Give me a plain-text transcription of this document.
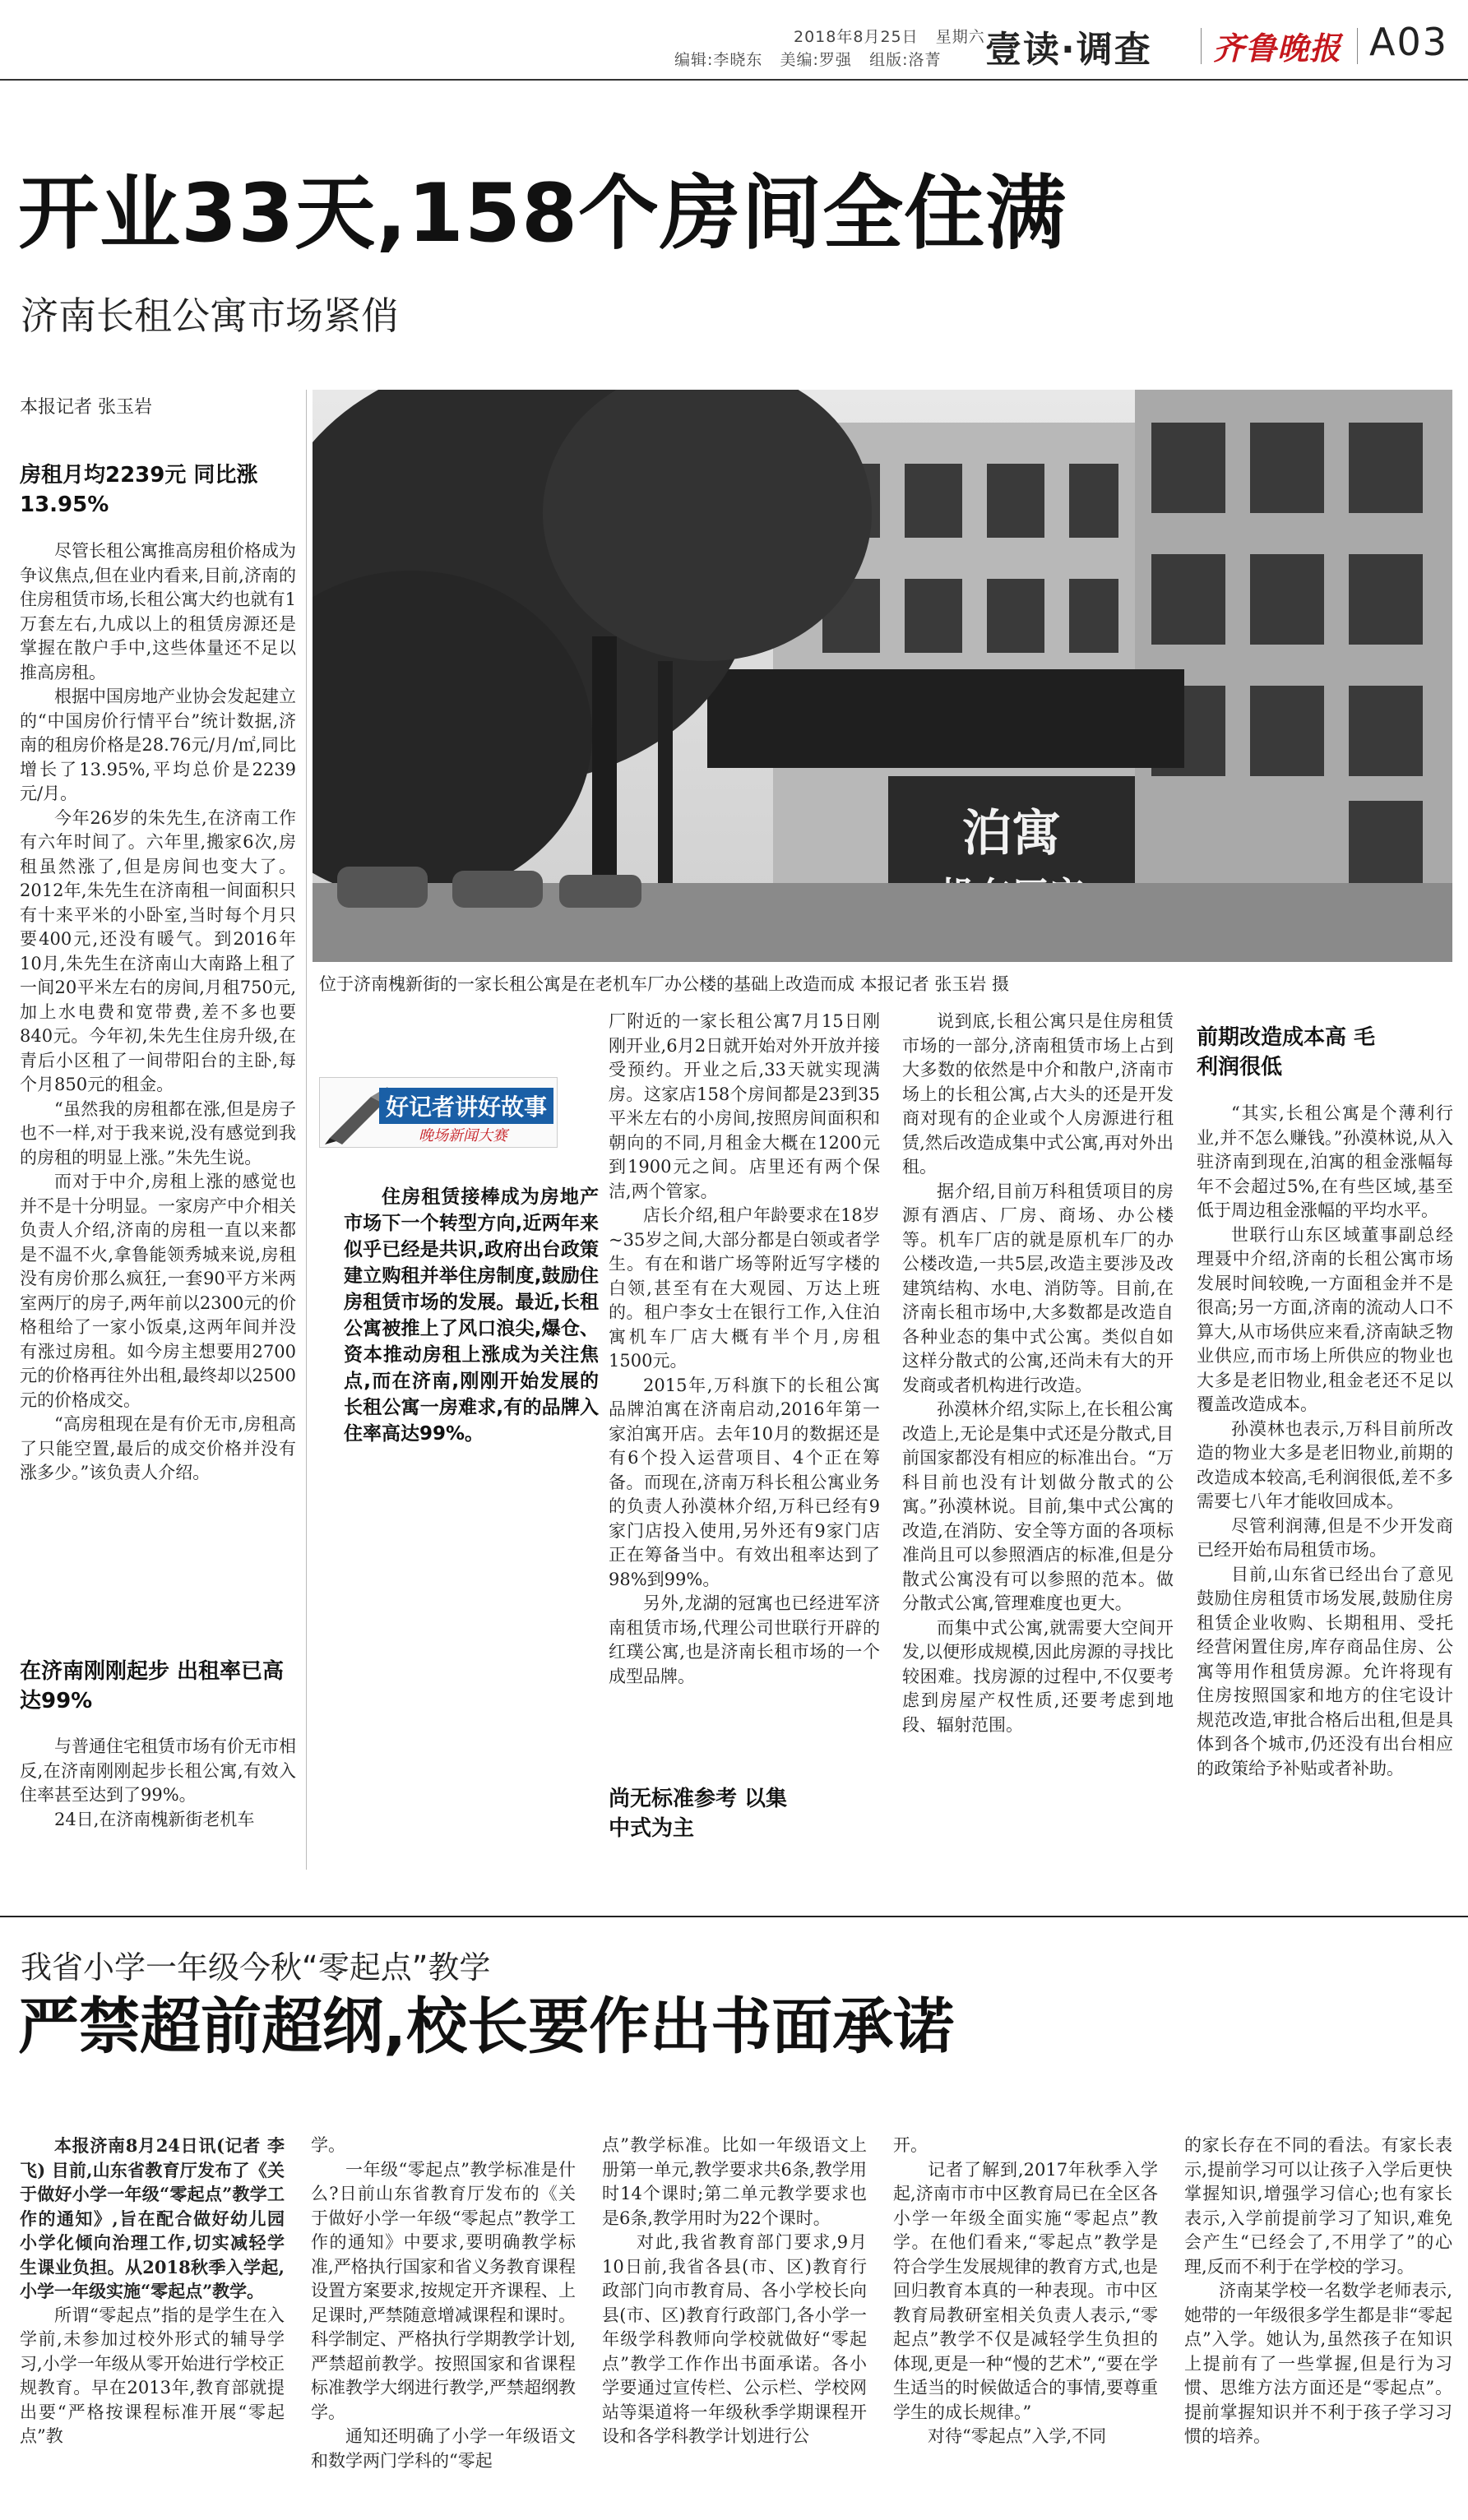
2018年8月25日 星期六
编辑:李晓东 美编:罗强 组版:洛菁 壹读·调查 齐鲁晚报 A03
开业33天,158个房间全住满
济南长租公寓市场紧俏
本报记者 张玉岩
泊寓
位于济南槐新街的一家长租公寓是在老机车厂办公楼的基础上改造而成 本报记者 张玉岩 摄
房租月均2239元 同比涨13.95%

尽管长租公寓推高房租价格成为争议焦点,但在业内看来,目前,济南的住房租赁市场,长租公寓大约也就有1万套左右,九成以上的租赁房源还是掌握在散户手中,这些体量还不足以推高房租。

根据中国房地产业协会发起建立的“中国房价行情平台”统计数据,济南的租房价格是28.76元/月/㎡,同比增长了13.95%,平均总价是2239元/月。

今年26岁的朱先生,在济南工作有六年时间了。六年里,搬家6次,房租虽然涨了,但是房间也变大了。2012年,朱先生在济南租一间面积只有十来平米的小卧室,当时每个月只要400元,还没有暖气。到2016年10月,朱先生在济南山大南路上租了一间20平米左右的房间,月租750元,加上水电费和宽带费,差不多也要840元。今年初,朱先生住房升级,在青后小区租了一间带阳台的主卧,每个月850元的租金。

“虽然我的房租都在涨,但是房子也不一样,对于我来说,没有感觉到我的房租的明显上涨。”朱先生说。

而对于中介,房租上涨的感觉也并不是十分明显。一家房产中介相关负责人介绍,济南的房租一直以来都是不温不火,拿鲁能领秀城来说,房租没有房价那么疯狂,一套90平方米两室两厅的房子,两年前以2300元的价格租给了一家小饭桌,这两年间并没有涨过房租。如今房主想要用2700元的价格再往外出租,最终却以2500元的价格成交。

“高房租现在是有价无市,房租高了只能空置,最后的成交价格并没有涨多少。”该负责人介绍。

在济南刚刚起步 出租率已高达99%

与普通住宅租赁市场有价无市相反,在济南刚刚起步长租公寓,有效入住率甚至达到了99%。

24日,在济南槐新街老机车

好记者讲好故事
晚场新闻大赛
住房租赁接棒成为房地产市场下一个转型方向,近两年来似乎已经是共识,政府出台政策建立购租并举住房制度,鼓励住房租赁市场的发展。最近,长租公寓被推上了风口浪尖,爆仓、资本推动房租上涨成为关注焦点,而在济南,刚刚开始发展的长租公寓一房难求,有的品牌入住率高达99%。

厂附近的一家长租公寓7月15日刚刚开业,6月2日就开始对外开放并接受预约。开业之后,33天就实现满房。这家店158个房间都是23到35平米左右的小房间,按照房间面积和朝向的不同,月租金大概在1200元到1900元之间。店里还有两个保洁,两个管家。

店长介绍,租户年龄要求在18岁~35岁之间,大部分都是白领或者学生。有在和谐广场等附近写字楼的白领,甚至有在大观园、万达上班的。租户李女士在银行工作,入住泊寓机车厂店大概有半个月,房租1500元。

2015年,万科旗下的长租公寓品牌泊寓在济南启动,2016年第一家泊寓开店。去年10月的数据还是有6个投入运营项目、4个正在筹备。而现在,济南万科长租公寓业务的负责人孙漠林介绍,万科已经有9家门店投入使用,另外还有9家门店正在筹备当中。有效出租率达到了98%到99%。

另外,龙湖的冠寓也已经进军济南租赁市场,代理公司世联行开辟的红璞公寓,也是济南长租市场的一个成型品牌。

尚无标准参考 以集中式为主

说到底,长租公寓只是住房租赁市场的一部分,济南租赁市场上占到大多数的依然是中介和散户,济南市场上的长租公寓,占大头的还是开发商对现有的企业或个人房源进行租赁,然后改造成集中式公寓,再对外出租。

据介绍,目前万科租赁项目的房源有酒店、厂房、商场、办公楼等。机车厂店的就是原机车厂的办公楼改造,一共5层,改造主要涉及改建筑结构、水电、消防等。目前,在济南长租市场中,大多数都是改造自各种业态的集中式公寓。类似自如这样分散式的公寓,还尚未有大的开发商或者机构进行改造。

孙漠林介绍,实际上,在长租公寓改造上,无论是集中式还是分散式,目前国家都没有相应的标准出台。“万科目前也没有计划做分散式的公寓。”孙漠林说。目前,集中式公寓的改造,在消防、安全等方面的各项标准尚且可以参照酒店的标准,但是分散式公寓没有可以参照的范本。做分散式公寓,管理难度也更大。

而集中式公寓,就需要大空间开发,以便形成规模,因此房源的寻找比较困难。找房源的过程中,不仅要考虑到房屋产权性质,还要考虑到地段、辐射范围。

前期改造成本高 毛利润很低

“其实,长租公寓是个薄利行业,并不怎么赚钱。”孙漠林说,从入驻济南到现在,泊寓的租金涨幅每年不会超过5%,在有些区域,基至低于周边租金涨幅的平均水平。

世联行山东区域董事副总经理聂中介绍,济南的长租公寓市场发展时间较晚,一方面租金并不是很高;另一方面,济南的流动人口不算大,从市场供应来看,济南缺乏物业供应,而市场上所供应的物业也大多是老旧物业,租金老还不足以覆盖改造成本。

孙漠林也表示,万科目前所改造的物业大多是老旧物业,前期的改造成本较高,毛利润很低,差不多需要七八年才能收回成本。

尽管利润薄,但是不少开发商已经开始布局租赁市场。

目前,山东省已经出台了意见鼓励住房租赁市场发展,鼓励住房租赁企业收购、长期租用、受托经营闲置住房,库存商品住房、公寓等用作租赁房源。允许将现有住房按照国家和地方的住宅设计规范改造,审批合格后出租,但是具体到各个城市,仍还没有出台相应的政策给予补贴或者补助。

我省小学一年级今秋“零起点”教学
严禁超前超纲,校长要作出书面承诺

本报济南8月24日讯(记者 李飞) 目前,山东省教育厅发布了《关于做好小学一年级“零起点”教学工作的通知》,旨在配合做好幼儿园小学化倾向治理工作,切实减轻学生课业负担。从2018秋季入学起,小学一年级实施“零起点”教学。

所谓“零起点”指的是学生在入学前,未参加过校外形式的辅导学习,小学一年级从零开始进行学校正规教育。早在2013年,教育部就提出要“严格按课程标准开展“零起点”教

学。

一年级“零起点”教学标准是什么?日前山东省教育厅发布的《关于做好小学一年级“零起点”教学工作的通知》中要求,要明确教学标准,严格执行国家和省义务教育课程设置方案要求,按规定开齐课程、上足课时,严禁随意增减课程和课时。科学制定、严格执行学期教学计划,严禁超前教学。按照国家和省课程标准教学大纲进行教学,严禁超纲教学。

通知还明确了小学一年级语文和数学两门学科的“零起

点”教学标准。比如一年级语文上册第一单元,教学要求共6条,教学用时14个课时;第二单元教学要求也是6条,教学用时为22个课时。

对此,我省教育部门要求,9月10日前,我省各县(市、区)教育行政部门向市教育局、各小学校长向县(市、区)教育行政部门,各小学一年级学科教师向学校就做好“零起点”教学工作作出书面承诺。各小学要通过宣传栏、公示栏、学校网站等渠道将一年级秋季学期课程开设和各学科教学计划进行公

开。

记者了解到,2017年秋季入学起,济南市市中区教育局已在全区各小学一年级全面实施“零起点”教学。在他们看来,“零起点”教学是符合学生发展规律的教育方式,也是回归教育本真的一种表现。市中区教育局教研室相关负责人表示,“零起点”教学不仅是减轻学生负担的体现,更是一种“慢的艺术”,“要在学生适当的时候做适合的事情,要尊重学生的成长规律。”

对待“零起点”入学,不同

的家长存在不同的看法。有家长表示,提前学习可以让孩子入学后更快掌握知识,增强学习信心;也有家长表示,入学前提前学习了知识,难免会产生“已经会了,不用学了”的心理,反而不利于在学校的学习。

济南某学校一名数学老师表示,她带的一年级很多学生都是非“零起点”入学。她认为,虽然孩子在知识上提前有了一些掌握,但是行为习惯、思维方法方面还是“零起点”。提前掌握知识并不利于孩子学习习惯的培养。
